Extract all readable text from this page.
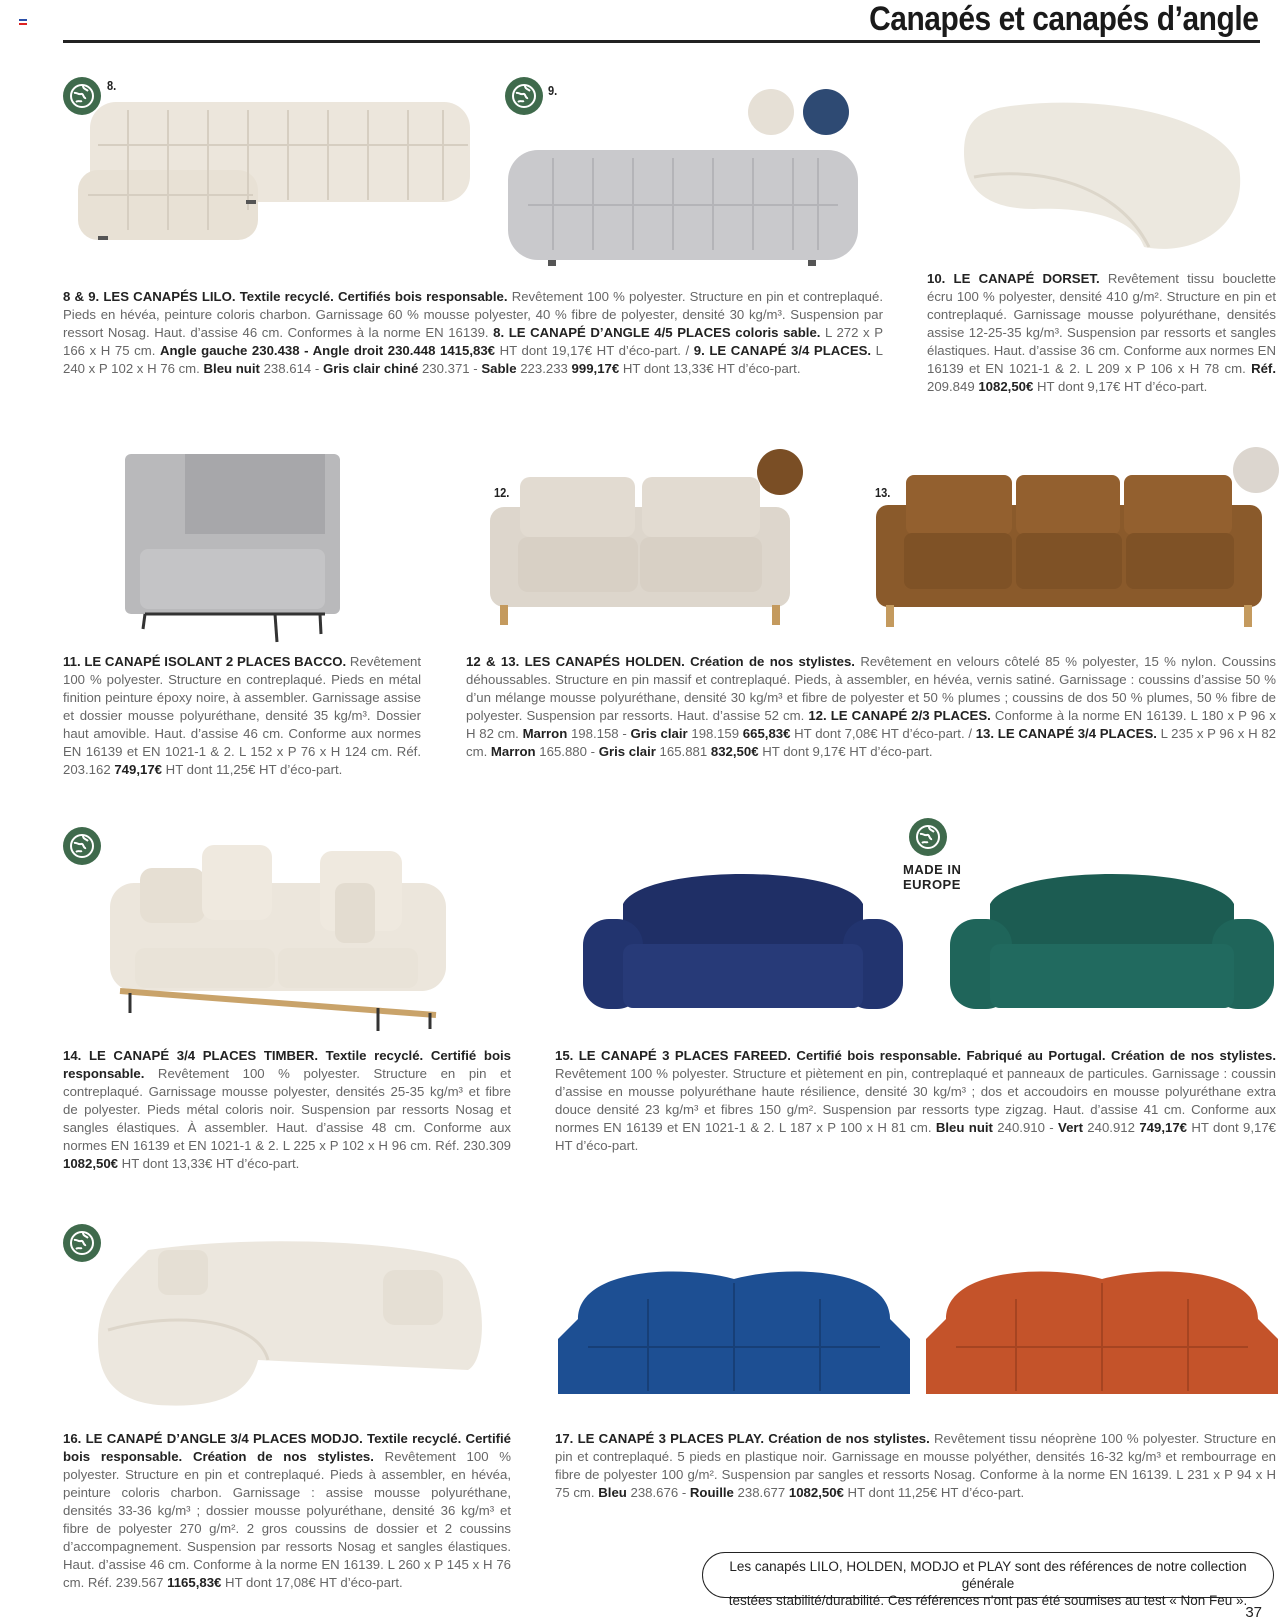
Canapés et canapés d’angle
8.	9.
8 & 9. LES CANAPÉS LILO. Textile recyclé. Certifiés bois responsable. Revêtement 100 % polyester. Structure en pin et contreplaqué. Pieds en hévéa, peinture coloris charbon. Garnissage 60 % mousse polyester, 40 % fibre de polyester, densité 30 kg/m³. Suspension par ressort Nosag. Haut. d’assise 46 cm. Conformes à la norme EN 16139. 8. LE CANAPÉ D’ANGLE 4/5 PLACES coloris sable. L 272 x P 166 x H 75 cm. Angle gauche 230.438 - Angle droit 230.448 1415,83€ HT dont 19,17€ HT d’éco-part. / 9. LE CANAPÉ 3/4 PLACES. L 240 x P 102 x H 76 cm. Bleu nuit 238.614 - Gris clair chiné 230.371 - Sable 223.233 999,17€ HT dont 13,33€ HT d’éco-part.
10. LE CANAPÉ DORSET. Revêtement tissu bouclette écru 100 % polyester, densité 410 g/m². Structure en pin et contreplaqué. Garnissage mousse polyuréthane, densités assise 12-25-35 kg/m³. Suspension par ressorts et sangles élastiques. Haut. d’assise 36 cm. Conforme aux normes EN 16139 et EN 1021-1 & 2. L 209 x P 106 x H 78 cm. Réf. 209.849 1082,50€ HT dont 9,17€ HT d’éco-part.
12.	13.
11. LE CANAPÉ ISOLANT 2 PLACES BACCO. Revêtement 100 % polyester. Structure en contreplaqué. Pieds en métal finition peinture époxy noire, à assembler. Garnissage assise et dossier mousse polyuréthane, densité 35 kg/m³. Dossier haut amovible. Haut. d’assise 46 cm. Conforme aux normes EN 16139 et EN 1021-1 & 2. L 152 x P 76 x H 124 cm. Réf. 203.162 749,17€ HT dont 11,25€ HT d’éco-part.
12 & 13. LES CANAPÉS HOLDEN. Création de nos stylistes. Revêtement en velours côtelé 85 % polyester, 15 % nylon. Coussins déhoussables. Structure en pin massif et contreplaqué. Pieds, à assembler, en hévéa, vernis satiné. Garnissage : coussins d’assise 50 % d’un mélange mousse polyuréthane, densité 30 kg/m³ et fibre de polyester et 50 % plumes ; coussins de dos 50 % plumes, 50 % fibre de polyester. Suspension par ressorts. Haut. d’assise 52 cm. 12. LE CANAPÉ 2/3 PLACES. Conforme à la norme EN 16139. L 180 x P 96 x H 82 cm. Marron 198.158 - Gris clair 198.159 665,83€ HT dont 7,08€ HT d’éco-part. / 13. LE CANAPÉ 3/4 PLACES. L 235 x P 96 x H 82 cm. Marron 165.880 - Gris clair 165.881 832,50€ HT dont 9,17€ HT d’éco-part.
MADE IN
EUROPE
14. LE CANAPÉ 3/4 PLACES TIMBER. Textile recyclé. Certifié bois responsable. Revêtement 100 % polyester. Structure en pin et contreplaqué. Garnissage mousse polyester, densités 25-35 kg/m³ et fibre de polyester. Pieds métal coloris noir. Suspension par ressorts Nosag et sangles élastiques. À assembler. Haut. d’assise 48 cm. Conforme aux normes EN 16139 et EN 1021-1 & 2. L 225 x P 102 x H 96 cm. Réf. 230.309 1082,50€ HT dont 13,33€ HT d’éco-part.
15. LE CANAPÉ 3 PLACES FAREED. Certifié bois responsable. Fabriqué au Portugal. Création de nos stylistes. Revêtement 100 % polyester. Structure et piètement en pin, contreplaqué et panneaux de particules. Garnissage : coussin d’assise en mousse polyuréthane haute résilience, densité 30 kg/m³ ; dos et accoudoirs en mousse polyuréthane extra douce densité 23 kg/m³ et fibres 150 g/m². Suspension par ressorts type zigzag. Haut. d’assise 41 cm. Conforme aux normes EN 16139 et EN 1021-1 & 2. L 187 x P 100 x H 81 cm. Bleu nuit 240.910 - Vert 240.912 749,17€ HT dont 9,17€ HT d’éco-part.
16. LE CANAPÉ D’ANGLE 3/4 PLACES MODJO. Textile recyclé. Certifié bois responsable. Création de nos stylistes. Revêtement 100 % polyester. Structure en pin et contreplaqué. Pieds à assembler, en hévéa, peinture coloris charbon. Garnissage : assise mousse polyuréthane, densités 33-36 kg/m³ ; dossier mousse polyuréthane, densité 36 kg/m³ et fibre de polyester 270 g/m². 2 gros coussins de dossier et 2 coussins d’accompagnement. Suspension par ressorts Nosag et sangles élastiques. Haut. d’assise 46 cm. Conforme à la norme EN 16139. L 260 x P 145 x H 76 cm. Réf. 239.567 1165,83€ HT dont 17,08€ HT d’éco-part.
17. LE CANAPÉ 3 PLACES PLAY. Création de nos stylistes. Revêtement tissu néoprène 100 % polyester. Structure en pin et contreplaqué. 5 pieds en plastique noir. Garnissage en mousse polyéther, densités 16-32 kg/m³ et rembourrage en fibre de polyester 100 g/m². Suspension par sangles et ressorts Nosag. Conforme à la norme EN 16139. L 231 x P 94 x H 75 cm. Bleu 238.676 - Rouille 238.677 1082,50€ HT dont 11,25€ HT d’éco-part.
Les canapés LILO, HOLDEN, MODJO et PLAY sont des références de notre collection générale
testées stabilité/durabilité. Ces références n’ont pas été soumises au test « Non Feu ».
37
